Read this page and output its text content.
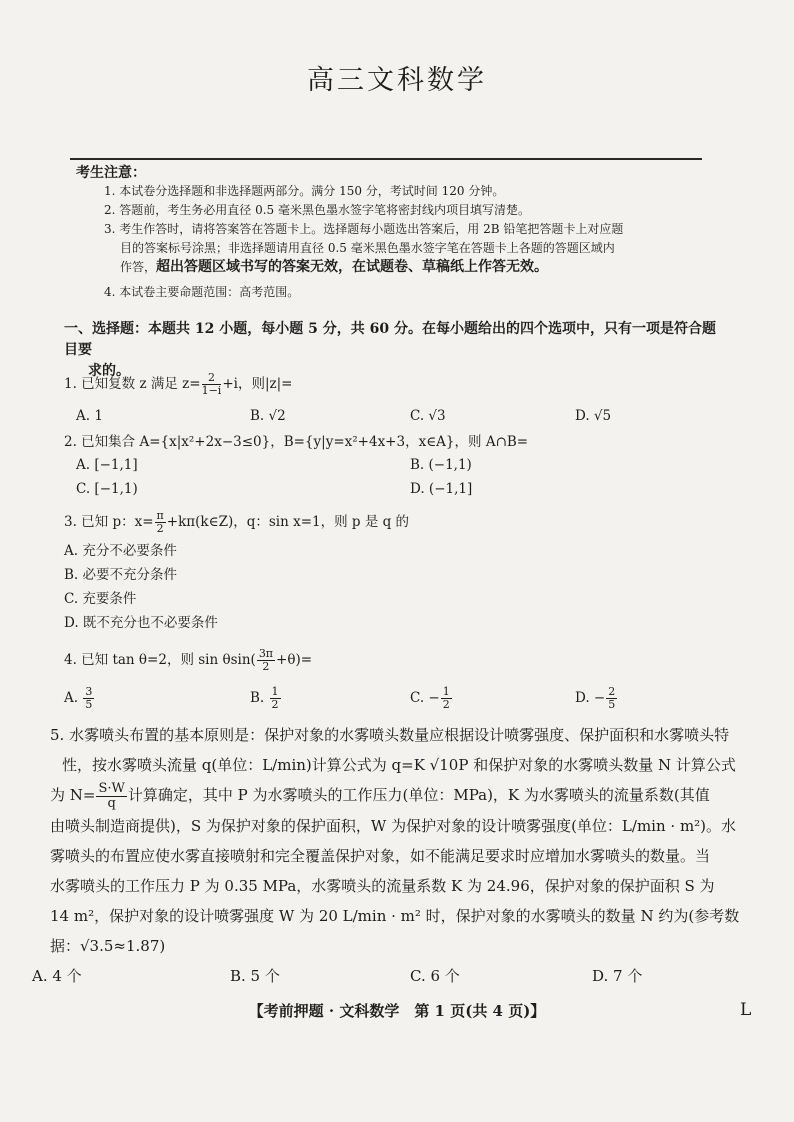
高三文科数学
考生注意：
1. 本试卷分选择题和非选择题两部分。满分 150 分，考试时间 120 分钟。
2. 答题前，考生务必用直径 0.5 毫米黑色墨水签字笔将密封线内项目填写清楚。
3. 考生作答时，请将答案答在答题卡上。选择题每小题选出答案后，用 2B 铅笔把答题卡上对应题
目的答案标号涂黑；非选择题请用直径 0.5 毫米黑色墨水签字笔在答题卡上各题的答题区域内
作答，超出答题区域书写的答案无效，在试题卷、草稿纸上作答无效。
4. 本试卷主要命题范围：高考范围。
一、选择题：本题共 12 小题，每小题 5 分，共 60 分。在每小题给出的四个选项中，只有一项是符合题目要
求的。
1. 已知复数 z 满足 $z= \frac{2}{1-i} +i$，则|z|=
A. 1	B. √2	C. √3	D. √5
2. 已知集合 A={x|x²+2x−3≤0}，B={y|y=x²+4x+3，x∈A}，则 A∩B=
A. [−1,1]	B. (−1,1)
C. [−1,1)	D. (−1,1]
3. 已知 p：$x= \frac{\pi}{2}$ +kπ(k∈Z)，q：sin x=1，则 p 是 q 的
A. 充分不必要条件
B. 必要不充分条件
C. 充要条件
D. 既不充分也不必要条件
4. 已知 tan θ=2，则 $\sin \theta\sin( \frac{3\pi}{2} +\theta)=$
A. $\frac{3}{5}$	B. $\frac{1}{2}$	C. − $\frac{1}{2}$	D. − $\frac{2}{5}$

5. 水雾喷头布置的基本原则是：保护对象的水雾喷头数量应根据设计喷雾强度、保护面积和水雾喷头特

性，按水雾喷头流量 q(单位：L/min)计算公式为 q=K √10P 和保护对象的水雾喷头数量 N 计算公式

为 $N= \frac{S\cdot W}{q}$ 计算确定，其中 P 为水雾喷头的工作压力(单位：MPa)，K 为水雾喷头的流量系数(其值

由喷头制造商提供)，S 为保护对象的保护面积，W 为保护对象的设计喷雾强度(单位：L/min · m²)。水

雾喷头的布置应使水雾直接喷射和完全覆盖保护对象，如不能满足要求时应增加水雾喷头的数量。当

水雾喷头的工作压力 P 为 0.35 MPa，水雾喷头的流量系数 K 为 24.96，保护对象的保护面积 S 为

14 m²，保护对象的设计喷雾强度 W 为 20 L/min · m² 时，保护对象的水雾喷头的数量 N 约为(参考数

据：√3.5≈1.87)

A. 4 个	B. 5 个	C. 6 个	D. 7 个
【考前押题 · 文科数学　第 1 页(共 4 页)】	L
